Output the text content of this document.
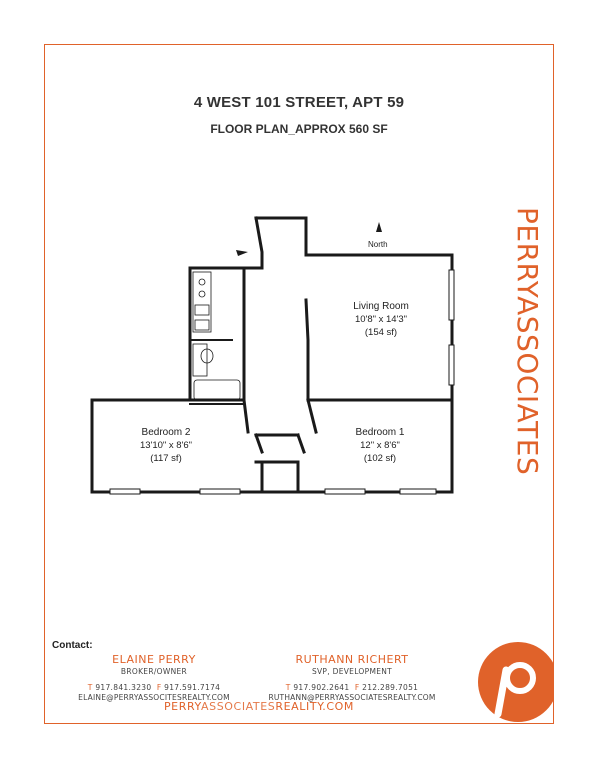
4 WEST 101 STREET, APT 59
FLOOR PLAN_APPROX 560 SF
North
Living Room
10'8" x 14'3"
(154 sf)
Bedroom 2
13'10" x 8'6"
(117 sf)
Bedroom 1
12" x 8'6"
(102 sf)	PERRYASSOCIATES
Contact:
ELAINE PERRY
BROKER/OWNER
T 917.841.3230 F 917.591.7174
ELAINE@PERRYASSOCITESREALTY.COM
RUTHANN RICHERT
SVP, DEVELOPMENT
T 917.902.2641 F 212.289.7051
RUTHANN@PERRYASSOCIATESREALTY.COM
PERRYASSOCIATESREALITY.COM
